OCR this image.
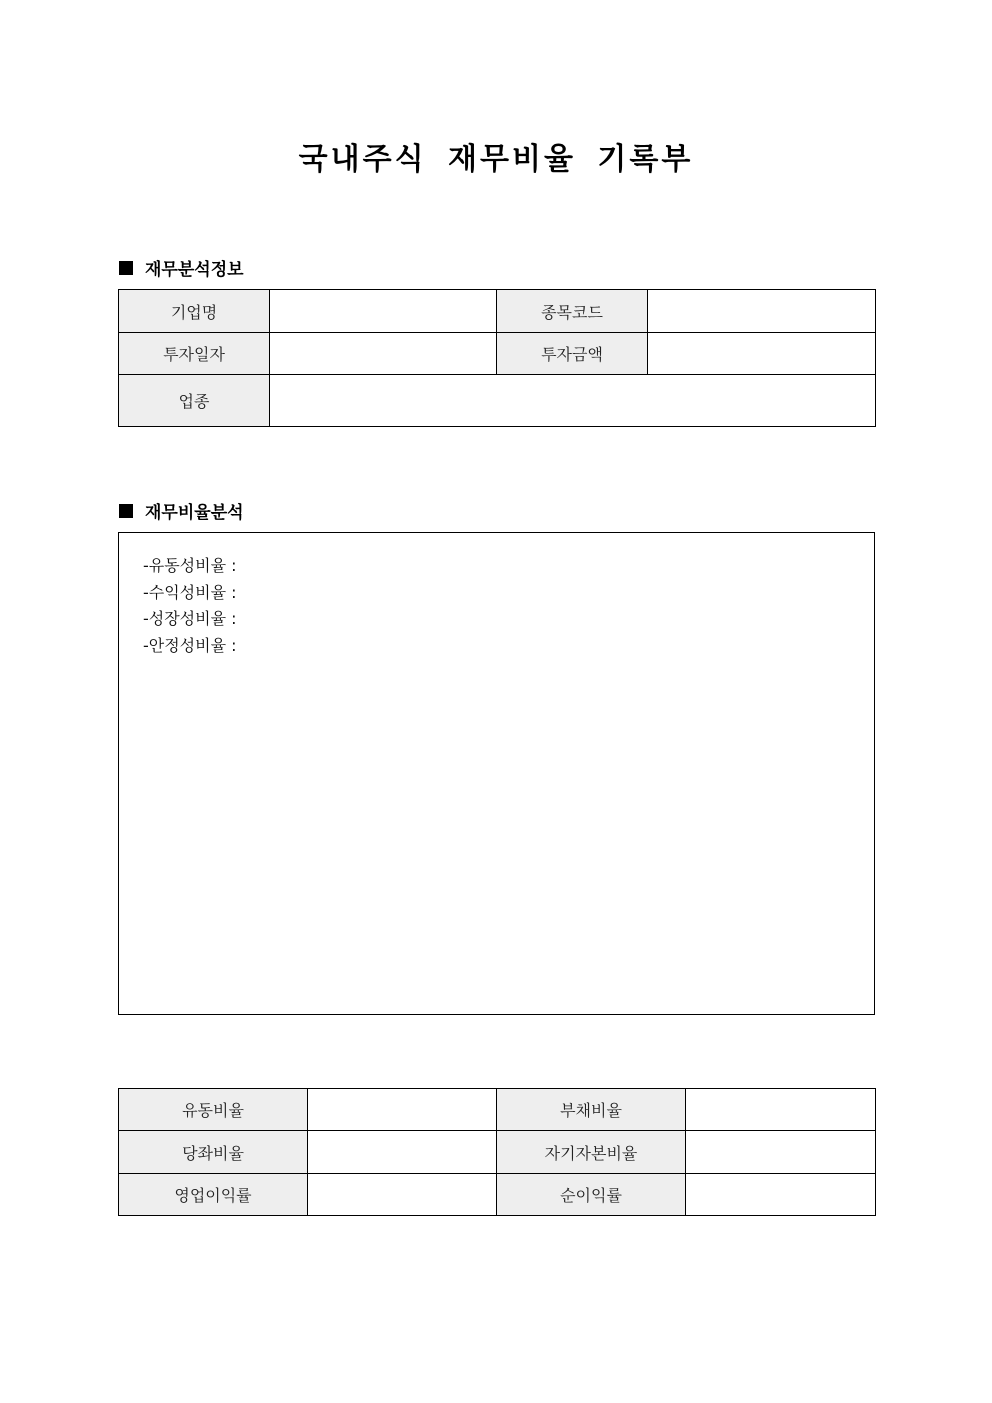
국내주식 재무비율 기록부
재무분석정보
기업명		종목코드	
투자일자		투자금액	
업종			
재무비율분석
-유동성비율 :
-수익성비율 :
-성장성비율 :
-안정성비율 :
유동비율		부채비율	
당좌비율		자기자본비율	
영업이익률		순이익률	
